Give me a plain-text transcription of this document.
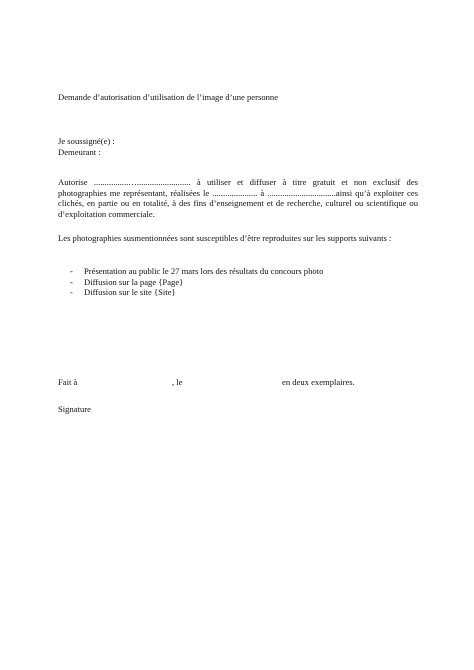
Demande d’autorisation d’utilisation de l’image d’une personne
Je soussigné(e) :
Demeurant :
Autorise ................…......................... à utiliser et diffuser à titre gratuit et non exclusif des photographies me représentant, réalisées le ..................... à ................................ainsi qu’à exploiter ces clichés, en partie ou en totalité, à des fins d’enseignement et de recherche, culturel ou scientifique ou d’exploitation commerciale.
Les photographies susmentionnées sont susceptibles d’être reproduites sur les supports suivants :
- Présentation au public le 27 mars lors des résultats du concours photo
- Diffusion sur la page {Page}
- Diffusion sur le site {Site}
Fait à	, le	en deux exemplaires.
Signature
